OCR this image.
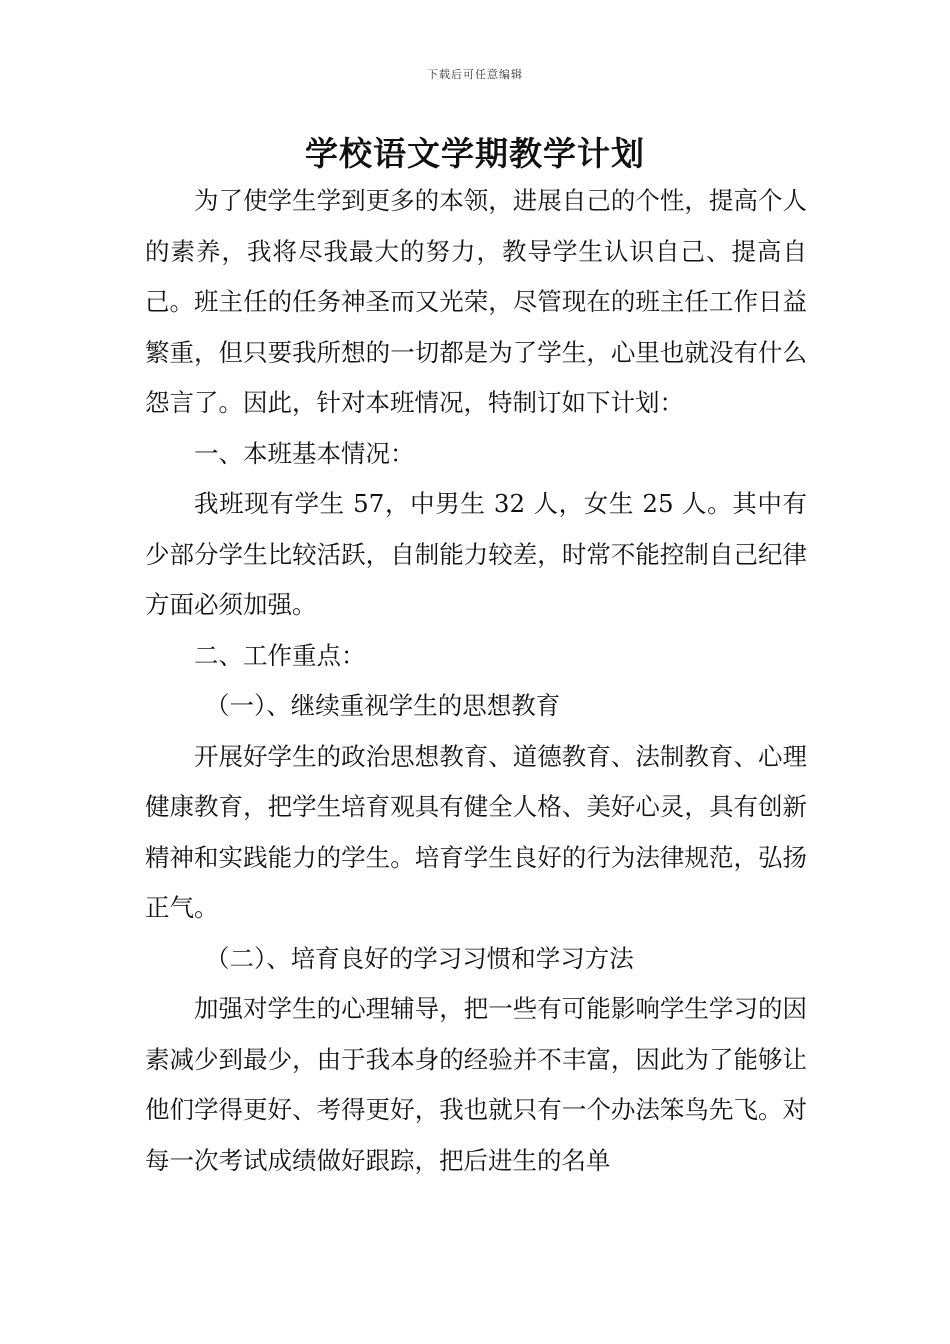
下载后可任意编辑
学校语文学期教学计划

为了使学生学到更多的本领，进展自己的个性，提高个人的素养，我将尽我最大的努力，教导学生认识自己、提高自己。班主任的任务神圣而又光荣，尽管现在的班主任工作日益繁重，但只要我所想的一切都是为了学生，心里也就没有什么怨言了。因此，针对本班情况，特制订如下计划：

一、本班基本情况：

我班现有学生 57，中男生 32 人，女生 25 人。其中有少部分学生比较活跃，自制能力较差，时常不能控制自己纪律方面必须加强。

二、工作重点：

（一）、继续重视学生的思想教育

开展好学生的政治思想教育、道德教育、法制教育、心理健康教育，把学生培育观具有健全人格、美好心灵，具有创新精神和实践能力的学生。培育学生良好的行为法律规范，弘扬正气。

（二）、培育良好的学习习惯和学习方法

加强对学生的心理辅导，把一些有可能影响学生学习的因素减少到最少，由于我本身的经验并不丰富，因此为了能够让他们学得更好、考得更好，我也就只有一个办法笨鸟先飞。对每一次考试成绩做好跟踪，把后进生的名单
